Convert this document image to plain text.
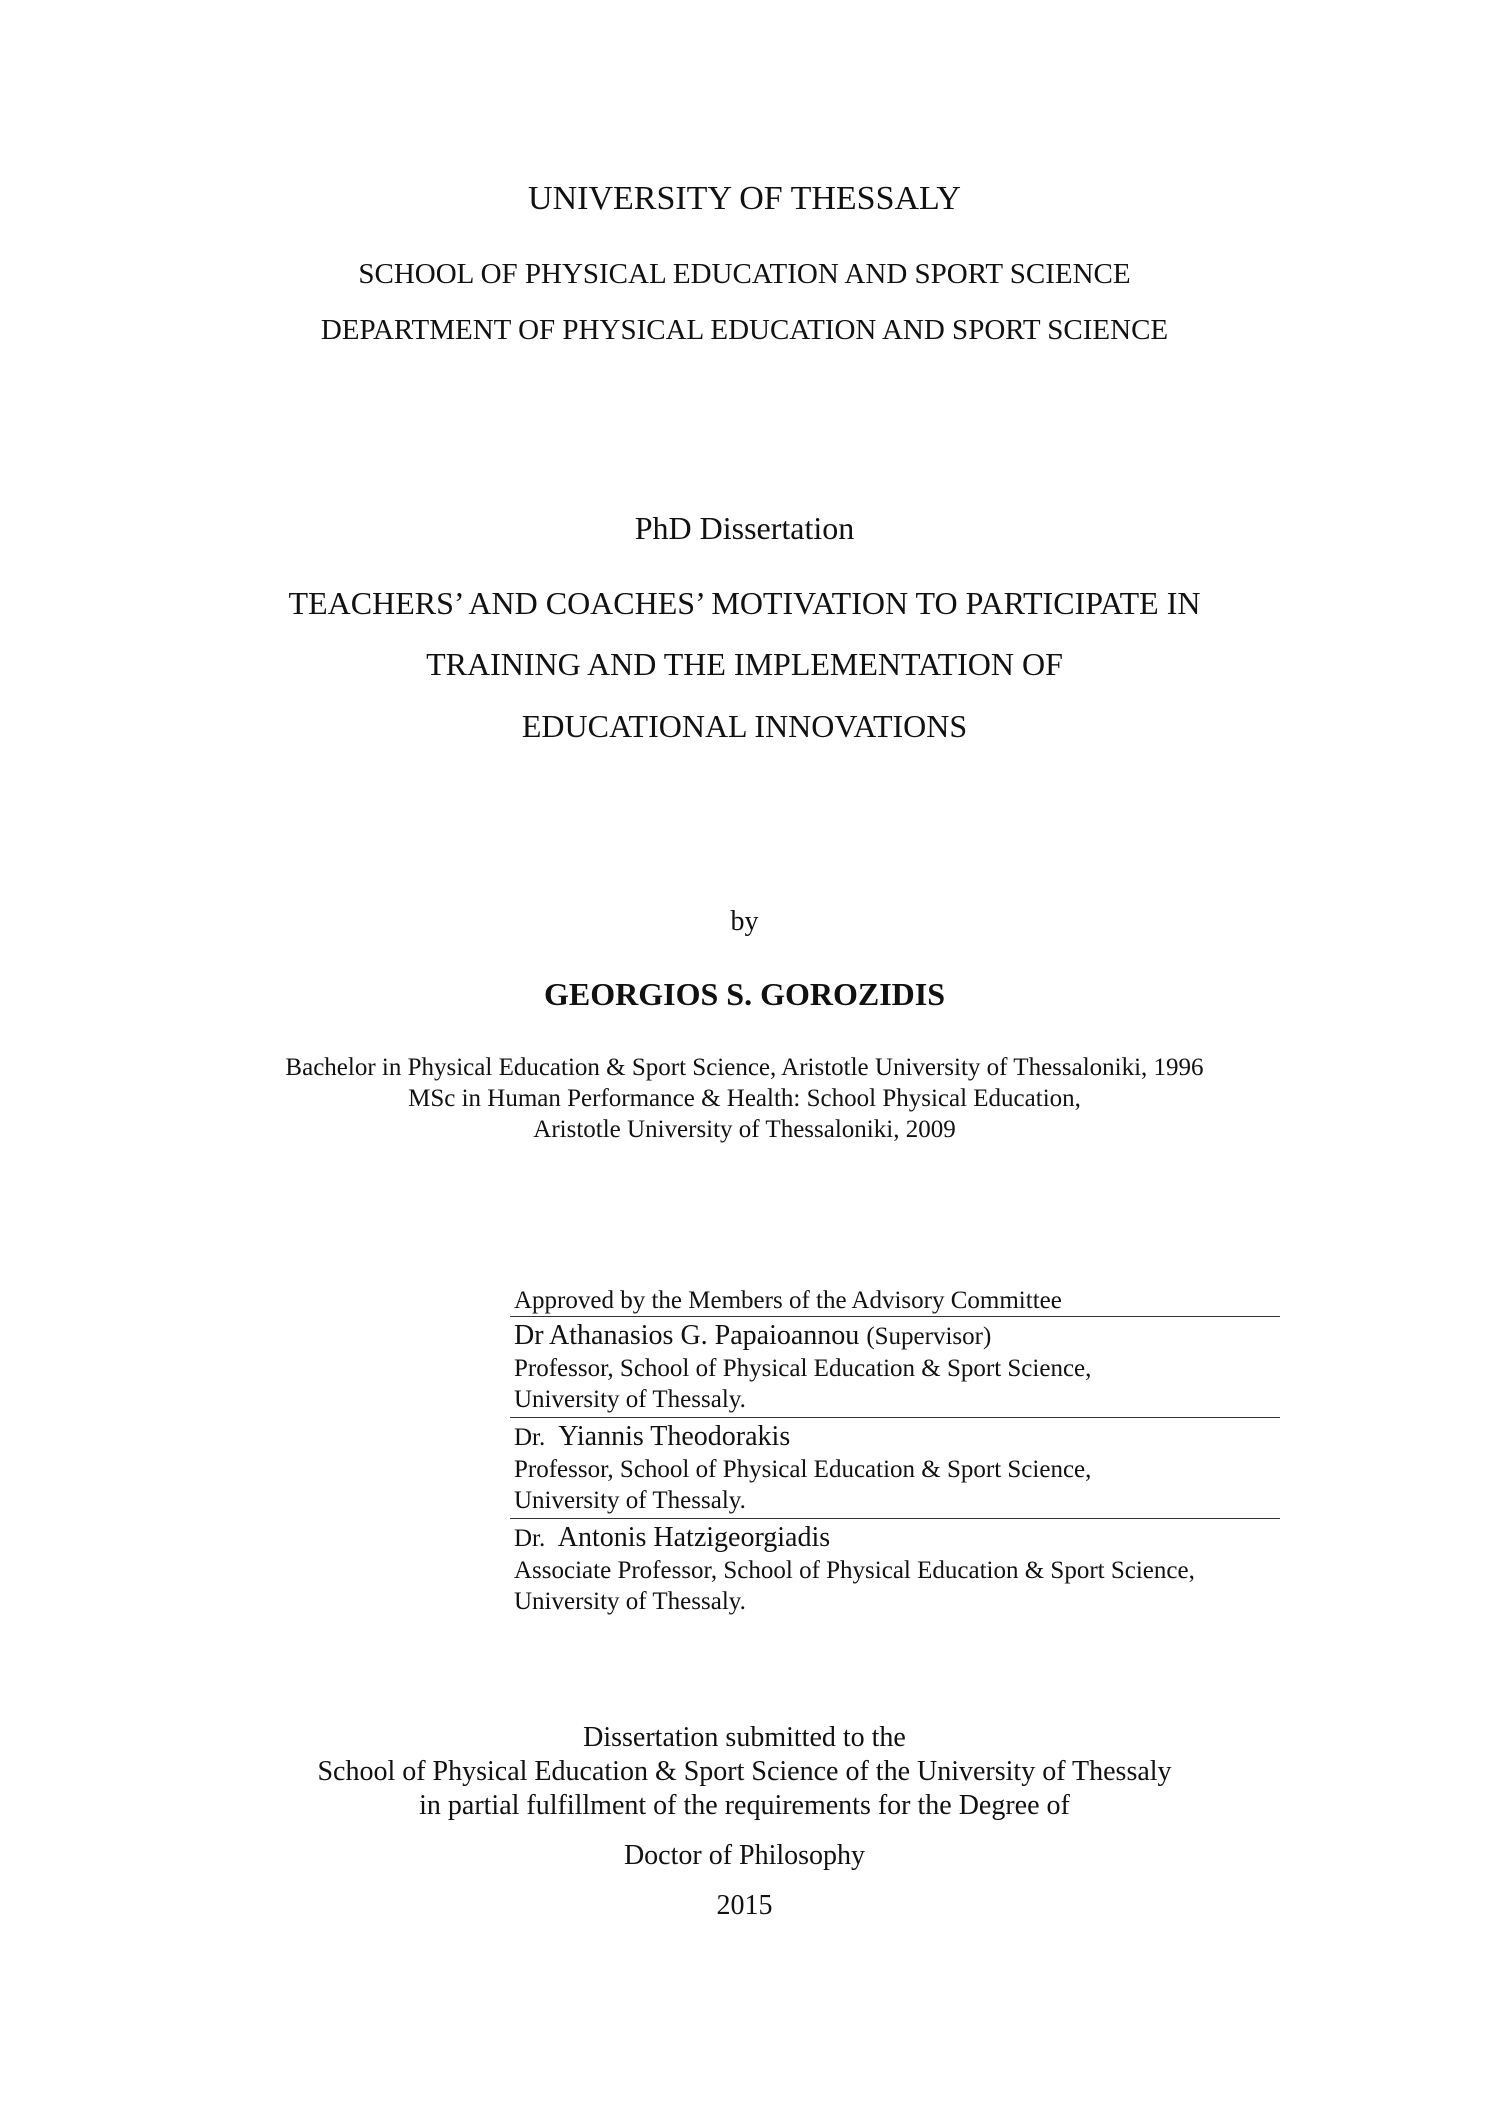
UNIVERSITY OF THESSALY
SCHOOL OF PHYSICAL EDUCATION AND SPORT SCIENCE
DEPARTMENT OF PHYSICAL EDUCATION AND SPORT SCIENCE
PhD Dissertation
TEACHERS’ AND COACHES’ MOTIVATION TO PARTICIPATE IN
TRAINING AND THE IMPLEMENTATION OF
EDUCATIONAL INNOVATIONS
by
GEORGIOS S. GOROZIDIS
Bachelor in Physical Education & Sport Science, Aristotle University of Thessaloniki, 1996
MSc in Human Performance & Health: School Physical Education,
Aristotle University of Thessaloniki, 2009
Approved by the Members of the Advisory Committee
Dr Athanasios G. Papaioannou (Supervisor)
Professor, School of Physical Education & Sport Science,
University of Thessaly.
Dr. Yiannis Theodorakis
Professor, School of Physical Education & Sport Science,
University of Thessaly.
Dr. Antonis Hatzigeorgiadis
Associate Professor, School of Physical Education & Sport Science,
University of Thessaly.
Dissertation submitted to the
School of Physical Education & Sport Science of the University of Thessaly
in partial fulfillment of the requirements for the Degree of
Doctor of Philosophy
2015
